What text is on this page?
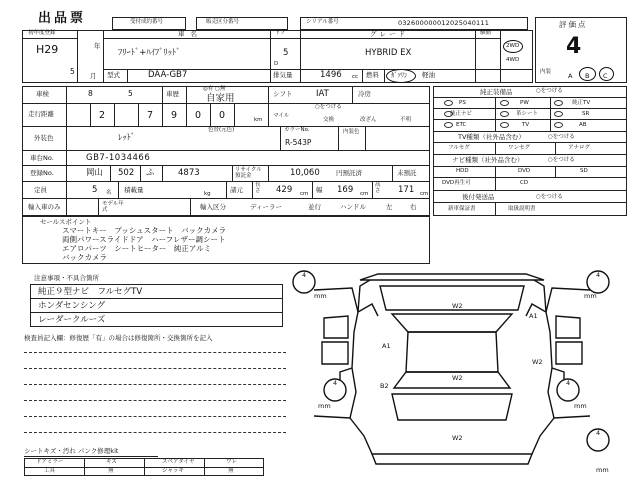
出品票	受付成約番号	販売区分番号	シリアル番号	032600000012025040111	評価点
4
初年度登録
H29	年
5 月
車名
ﾌﾘｰﾄﾞ+ﾊｲﾌﾞﾘｯﾄﾞ
ドア
5
D
グレード
HYBRID EX
駆動
2WD
4WD
型式	DAA-GB7	排気量	1496 cc 燃料 ｶﾞｿﾘﾝ 軽油	内装	A B C
車検	8	5	車歴
◎有 ○無
自家用	シフト	IAT	冷房
走行距離	2	7 9 0 0	km
○をつける
マイル
交換	改ざん	不明
外装色	ﾚｯﾄﾞ
色替(元色)	カラーNo.
R-543P
内装色
車台No.	GB7-1034466
登録No.	岡山 502 ふ	4873	リサイクル預託金	10,060	円預託済	未預託
定員	5 名 積載量	kg	諸元
長さ 429 cm 幅 169 cm
高さ 171 cm
輸入車のみ	モデル年式	輸入区分	ディーラー	並行	ハンドル	左	右
純正装備品	○をつける
PS	PW	純正TV
純正ナビ	革シート	SR
ETC	TV	AB
TV種類（社外品含む）	○をつける
フルセグ	ワンセグ	アナログ
ナビ種類（社外品含む）	○をつける
HDD	DVD	SD
DVD再生可	CD
後付発送品	○をつける
新車保証書	取扱説明書
セールスポイント
スマートキー　プッシュスタート　バックカメラ
両側パワースライドドア　ハーフレザー調シート
エアロパーツ　シートヒーター　純正アルミ
バックカメラ
注意事項・不具合箇所
純正９型ナビ　フルセグTV
ホンダセンシング
レーダークルーズ
検査員記入欄：修復歴「有」の場合は修復箇所・交換箇所を記入
シートキズ・汚れ パンク修理kit
ドアミラー	キズ	スペアタイヤ	ワレ
工具	無	ジャッキ	無
4
mm
4
mm
4
mm
4
mm
4
mm
W2
A1
A1
W2
W2
B2
W2
